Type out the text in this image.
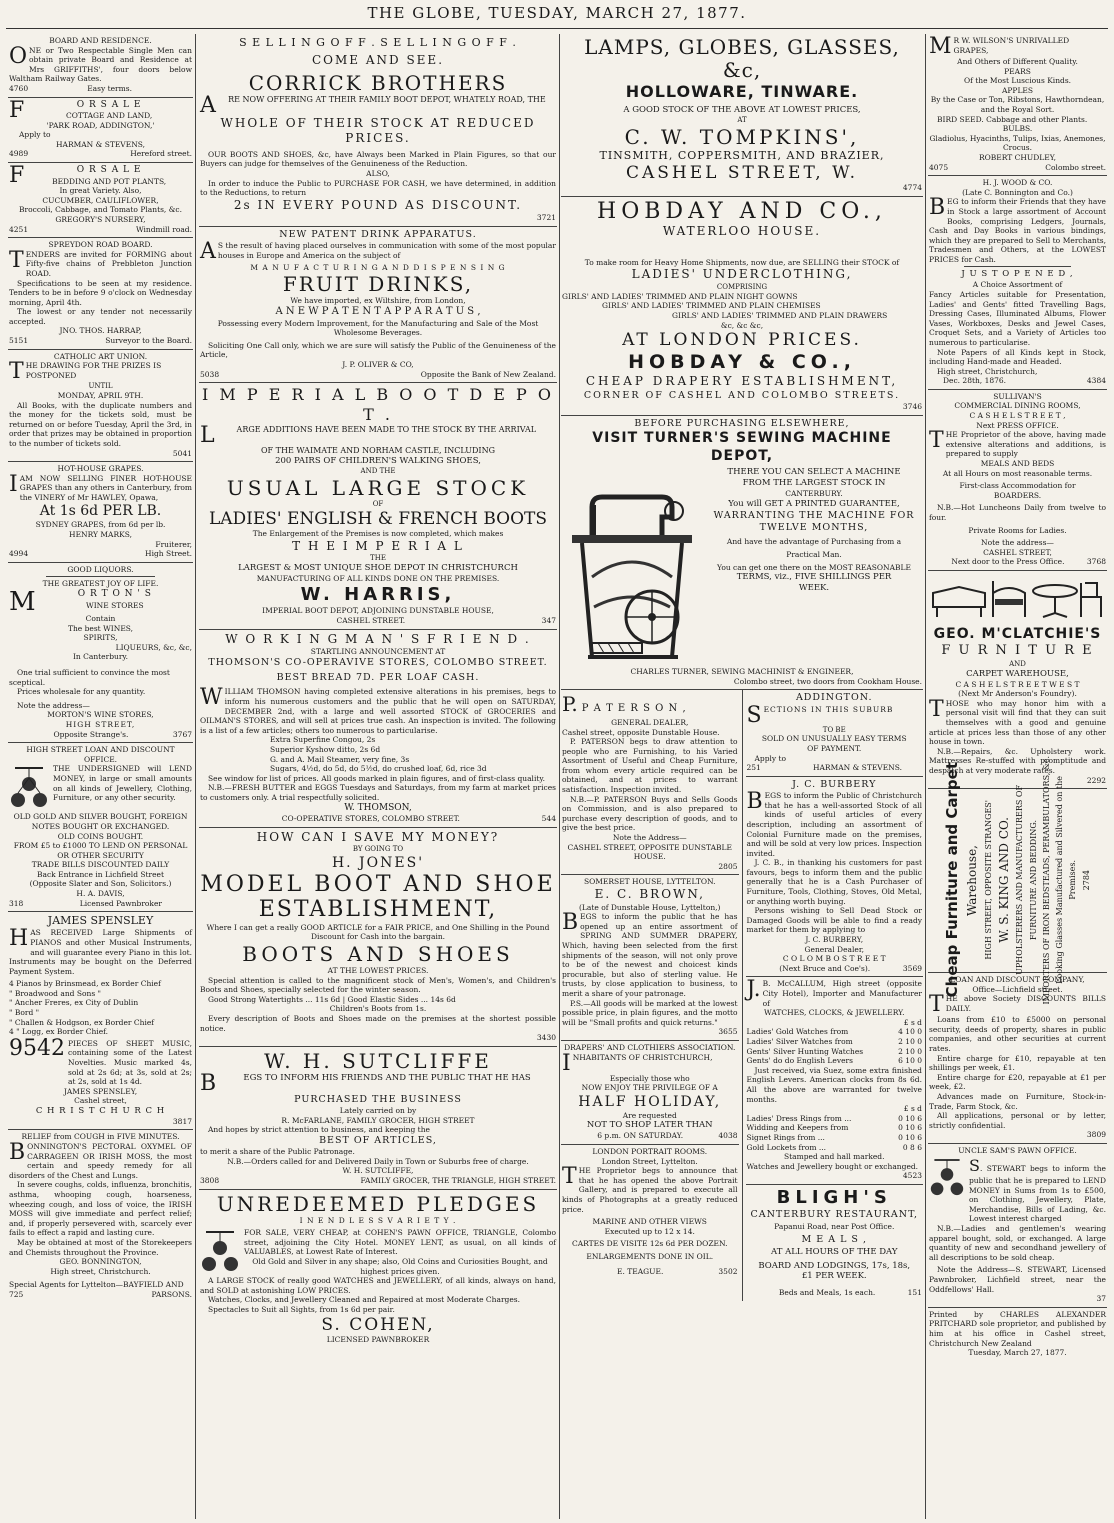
THE GLOBE, TUESDAY, MARCH 27, 1877.
BOARD AND RESIDENCE.
ONE or Two Respectable Single Men can obtain private Board and Residence at Mrs GRIFFITHS', four doors below Waltham Railway Gates.
4760	Easy terms.
F	O R S A L E
COTTAGE AND LAND,
'PARK ROAD, ADDINGTON,'
Apply to
HARMAN & STEVENS,
4989	Hereford street.
F	O R S A L E
BEDDING AND POT PLANTS,
In great Variety. Also,
CUCUMBER, CAULIFLOWER,
Broccoli, Cabbage, and Tomato Plants, &c.
GREGORY'S NURSERY,
4251	Windmill road.
SPREYDON ROAD BOARD.
TENDERS are invited for FORMING about Fifty-five chains of Prebbleton Junction ROAD.
Specifications to be seen at my residence. Tenders to be in before 9 o'clock on Wednesday morning, April 4th.
The lowest or any tender not necessarily accepted.
JNO. THOS. HARRAP,
5151	Surveyor to the Board.
CATHOLIC ART UNION.
THE DRAWING FOR THE PRIZES IS POSTPONED
UNTIL
MONDAY, APRIL 9TH.
All Books, with the duplicate numbers and the money for the tickets sold, must be returned on or before Tuesday, April the 3rd, in order that prizes may be obtained in proportion to the number of tickets sold.
5041
HOT-HOUSE GRAPES.
IAM NOW SELLING FINER HOT-HOUSE GRAPES than any others in Canterbury, from the VINERY of Mr HAWLEY, Opawa,
At 1s 6d PER LB.
SYDNEY GRAPES, from 6d per lb.
HENRY MARKS,
Fruiterer,
4994	High Street.
GOOD LIQUORS.
THE GREATEST JOY OF LIFE.
M	O R T O N ' S
WINE STORES
Contain
The best WINES,
SPIRITS,
LIQUEURS, &c, &c,
In Canterbury.
One trial sufficient to convince the most sceptical.
Prices wholesale for any quantity.
Note the address—
MORTON'S WINE STORES,
HIGH STREET,
Opposite Strange's.	3767
HIGH STREET LOAN AND DISCOUNT OFFICE.
THE UNDERSIGNED will LEND MONEY, in large or small amounts on all kinds of Jewellery, Clothing, Furniture, or any other security.
OLD GOLD AND SILVER BOUGHT, FOREIGN NOTES BOUGHT OR EXCHANGED.
OLD COINS BOUGHT.
FROM £5 to £1000 TO LEND ON PERSONAL OR OTHER SECURITY
TRADE BILLS DISCOUNTED DAILY
Back Entrance in Lichfield Street
(Opposite Slater and Son, Solicitors.)
H. A. DAVIS,
318	Licensed Pawnbroker
JAMES SPENSLEY
HAS RECEIVED Large Shipments of PIANOS and other Musical Instruments, and will guarantee every Piano in this lot. Instruments may be bought on the Deferred Payment System.
4 Pianos by Brinsmead, ex Border Chief
" Broadwood and Sons "
" Ancher Freres, ex City of Dublin
" Bord "
" Challen & Hodgson, ex Border Chief
4 " Logg, ex Border Chief.
9542 PIECES OF SHEET MUSIC, containing some of the Latest Novelties. Music marked 4s, sold at 2s 6d; at 3s, sold at 2s; at 2s, sold at 1s 4d.
JAMES SPENSLEY,
Cashel street,
C H R I S T C H U R C H
3817
RELIEF from COUGH in FIVE MINUTES.
BONNINGTON'S PECTORAL OXYMEL OF CARRAGEEN OR IRISH MOSS, the most certain and speedy remedy for all disorders of the Chest and Lungs.
In severe coughs, colds, influenza, bronchitis, asthma, whooping cough, hoarseness, wheezing cough, and loss of voice, the IRISH MOSS will give immediate and perfect relief; and, if properly persevered with, scarcely ever fails to effect a rapid and lasting cure.
May be obtained at most of the Storekeepers and Chemists throughout the Province.
GEO. BONNINGTON,
High street, Christchurch.
Special Agents for Lyttelton—BAYFIELD AND
725	PARSONS.
S E L L I N G O F F . S E L L I N G O F F .
COME AND SEE.
CORRICK BROTHERS
A	RE NOW OFFERING AT THEIR FAMILY BOOT DEPOT, WHATELY ROAD, THE
WHOLE OF THEIR STOCK AT REDUCED PRICES.
OUR BOOTS AND SHOES, &c, have Always been Marked in Plain Figures, so that our Buyers can judge for themselves of the Genuineness of the Reduction.
ALSO,
In order to induce the Public to PURCHASE FOR CASH, we have determined, in addition to the Reductions, to return
2s IN EVERY POUND AS DISCOUNT.
3721
NEW PATENT DRINK APPARATUS.
A S the result of having placed ourselves in communication with some of the most popular houses in Europe and America on the subject of
M A N U F A C T U R I N G A N D D I S P E N S I N G
FRUIT DRINKS,
We have imported, ex Wiltshire, from London,
A N E W P A T E N T A P P A R A T U S ,
Possessing every Modern Improvement, for the Manufacturing and Sale of the Most Wholesome Beverages.
Soliciting One Call only, which we are sure will satisfy the Public of the Genuineness of the Article,
J. P. OLIVER & CO,
5038	Opposite the Bank of New Zealand.
I M P E R I A L B O O T D E P O T .
L	ARGE ADDITIONS HAVE BEEN MADE TO THE STOCK BY THE ARRIVAL
OF THE WAIMATE AND NORHAM CASTLE, INCLUDING
200 PAIRS OF CHILDREN'S WALKING SHOES,
AND THE
USUAL LARGE STOCK
OF
LADIES' ENGLISH & FRENCH BOOTS
The Enlargement of the Premises is now completed, which makes
T H E I M P E R I A L
THE
LARGEST & MOST UNIQUE SHOE DEPOT IN CHRISTCHURCH
MANUFACTURING OF ALL KINDS DONE ON THE PREMISES.
W. HARRIS,
IMPERIAL BOOT DEPOT, ADJOINING DUNSTABLE HOUSE,
CASHEL STREET.	347
W O R K I N G M A N ' S F R I E N D .
STARTLING ANNOUNCEMENT AT
THOMSON'S CO-OPERAVIVE STORES, COLOMBO STREET.
BEST BREAD 7D. PER LOAF CASH.
WILLIAM THOMSON having completed extensive alterations in his premises, begs to inform his numerous customers and the public that he will open on SATURDAY, DECEMBER 2nd, with a large and well assorted STOCK of GROCERIES and OILMAN'S STORES, and will sell at prices true cash. An inspection is invited. The following is a list of a few articles; others too numerous to particularise.
Extra Superfine Congou, 2s
Superior Kyshow ditto, 2s 6d
G. and A. Mail Steamer, very fine, 3s
Sugars, 4½d, do 5d, do 5½d, do crushed loaf, 6d, rice 3d
See window for list of prices. All goods marked in plain figures, and of first-class quality.
N.B.—FRESH BUTTER and EGGS Tuesdays and Saturdays, from my farm at market prices to customers only. A trial respectfully solicited.
W. THOMSON,
CO-OPERATIVE STORES, COLOMBO STREET.	544
HOW CAN I SAVE MY MONEY?
BY GOING TO
H. JONES'
MODEL BOOT AND SHOE
ESTABLISHMENT,
Where I can get a really GOOD ARTICLE for a FAIR PRICE, and One Shilling in the Pound Discount for Cash into the bargain.
BOOTS AND SHOES
AT THE LOWEST PRICES.
Special attention is called to the magnificent stock of Men's, Women's, and Children's Boots and Shoes, specially selected for the winter season.
Good Strong Watertights ... 11s 6d | Good Elastic Sides ... 14s 6d
Children's Boots from 1s.
Every description of Boots and Shoes made on the premises at the shortest possible notice.
3430
W. H. SUTCLIFFE
B	EGS TO INFORM HIS FRIENDS AND THE PUBLIC THAT HE HAS
PURCHASED THE BUSINESS
Lately carried on by
R. McFARLANE, FAMILY GROCER, HIGH STREET
And hopes by strict attention to business, and keeping the
BEST OF ARTICLES,
to merit a share of the Public Patronage.
N.B.—Orders called for and Delivered Daily in Town or Suburbs free of charge.
W. H. SUTCLIFFE,
3808	FAMILY GROCER, THE TRIANGLE, HIGH STREET.
UNREDEEMED PLEDGES
I N E N D L E S S V A R I E T Y .
FOR SALE, VERY CHEAP, at COHEN'S PAWN OFFICE, TRIANGLE, Colombo street, adjoining the City Hotel. MONEY LENT, as usual, on all kinds of VALUABLES, at Lowest Rate of Interest.
Old Gold and Silver in any shape; also, Old Coins and Curiosities Bought, and highest prices given.
A LARGE STOCK of really good WATCHES and JEWELLERY, of all kinds, always on hand, and SOLD at astonishing LOW PRICES.
Watches, Clocks, and Jewellery Cleaned and Repaired at most Moderate Charges.
Spectacles to Suit all Sights, from 1s 6d per pair.
S. COHEN,
LICENSED PAWNBROKER
LAMPS, GLOBES, GLASSES, &c,
HOLLOWARE, TINWARE.
A GOOD STOCK OF THE ABOVE AT LOWEST PRICES,
AT
C. W. TOMPKINS',
TINSMITH, COPPERSMITH, AND BRAZIER,
CASHEL STREET, W.
4774
HOBDAY AND CO.,
WATERLOO HOUSE.
To make room for Heavy Home Shipments, now due, are SELLING their STOCK of
LADIES' UNDERCLOTHING,
COMPRISING
GIRLS' AND LADIES' TRIMMED AND PLAIN NIGHT GOWNS
GIRLS' AND LADIES' TRIMMED AND PLAIN CHEMISES
GIRLS' AND LADIES' TRIMMED AND PLAIN DRAWERS
&c, &c &c,
AT LONDON PRICES.
HOBDAY & CO.,
CHEAP DRAPERY ESTABLISHMENT,
CORNER OF CASHEL AND COLOMBO STREETS.
3746
BEFORE PURCHASING ELSEWHERE,
VISIT TURNER'S SEWING MACHINE DEPOT,
THERE YOU CAN SELECT A MACHINE
FROM THE LARGEST STOCK IN
CANTERBURY.
You will GET A PRINTED GUARANTEE,
WARRANTING THE MACHINE FOR
TWELVE MONTHS,
And have the advantage of Purchasing from a
Practical Man.
You can get one there on the MOST REASONABLE
TERMS, viz., FIVE SHILLINGS PER
WEEK.
CHARLES TURNER, SEWING MACHINIST & ENGINEER,
Colombo street, two doors from Cookham House.
P. P A T E R S O N ,
GENERAL DEALER,
Cashel street, opposite Dunstable House.
P. PATERSON begs to draw attention to people who are Furnishing, to his Varied Assortment of Useful and Cheap Furniture, from whom every article required can be obtained, and at prices to warrant satisfaction. Inspection invited.
N.B.—P. PATERSON Buys and Sells Goods on Commission, and is also prepared to purchase every description of goods, and to give the best price.
Note the Address—
CASHEL STREET, OPPOSITE DUNSTABLE HOUSE.
2805
SOMERSET HOUSE, LYTTELTON.
E. C. BROWN,
(Late of Dunstable House, Lyttelton,)
BEGS to inform the public that he has opened up an entire assortment of SPRING AND SUMMER DRAPERY, Which, having been selected from the first shipments of the season, will not only prove to be of the newest and choicest kinds procurable, but also of sterling value. He trusts, by close application to business, to merit a share of your patronage.
P.S.—All goods will be marked at the lowest possible price, in plain figures, and the motto will be "Small profits and quick returns."
3655
DRAPERS' AND CLOTHIERS ASSOCIATION.
INHABITANTS OF CHRISTCHURCH,
Especially those who
NOW ENJOY THE PRIVILEGE OF A
HALF HOLIDAY,
Are requested
NOT TO SHOP LATER THAN
6 p.m. ON SATURDAY.	4038
LONDON PORTRAIT ROOMS.
London Street, Lyttelton.
THE Proprietor begs to announce that that he has opened the above Portrait Gallery, and is prepared to execute all kinds of Photographs at a greatly reduced price.
MARINE AND OTHER VIEWS
Executed up to 12 x 14.
CARTES DE VISITE 12s 6d PER DOZEN.
ENLARGEMENTS DONE IN OIL.
E. TEAGUE.	3502
ADDINGTON.
SECTIONS IN THIS SUBURB
TO BE
SOLD ON UNUSUALLY EASY TERMS
OF PAYMENT.
Apply to
251	HARMAN & STEVENS.
J. C. BURBERY
BEGS to inform the Public of Christchurch that he has a well-assorted Stock of all kinds of useful articles of every description, including an assortment of Colonial Furniture made on the premises, and will be sold at very low prices. Inspection invited.
J. C. B., in thanking his customers for past favours, begs to inform them and the public generally that he is a Cash Purchaser of Furniture, Tools, Clothing, Stoves, Old Metal, or anything worth buying.
Persons wishing to Sell Dead Stock or Damaged Goods will be able to find a ready market for them by applying to
J. C. BURBERY,
General Dealer,
C O L O M B O S T R E E T
(Next Bruce and Coe's).	3569
J. B. McCALLUM, High street (opposite City Hotel), Importer and Manufacturer of
WATCHES, CLOCKS, & JEWELLERY.
£ s d
Ladies' Gold Watches from	4 10 0
Ladies' Silver Watches from	2 10 0
Gents' Silver Hunting Watches	2 10 0
Gents' do do English Levers	6 10 0
Just received, via Suez, some extra finished English Levers. American clocks from 8s 6d. All the above are warranted for twelve months.
£ s d
Ladies' Dress Rings from ...	0 10 6
Widding and Keepers from	0 10 6
Signet Rings from ...	0 10 6
Gold Lockets from ...	0 8 6
Stamped and hall marked.
Watches and Jewellery bought or exchanged.
4523
BLIGH'S
CANTERBURY RESTAURANT,
Papanui Road, near Post Office.
M E A L S ,
AT ALL HOURS OF THE DAY
BOARD AND LODGINGS, 17s, 18s,
£1 PER WEEK.
Beds and Meals, 1s each.	151
M R W. WILSON'S UNRIVALLED GRAPES,
And Others of Different Quality.
PEARS
Of the Most Luscious Kinds.
APPLES
By the Case or Ton, Ribstons, Hawthorndean, and the Royal Sort.
BIRD SEED. Cabbage and other Plants.
BULBS.
Gladiolus, Hyacinths, Tulips, Ixias, Anemones, Crocus.
ROBERT CHUDLEY,
4075	Colombo street.
H. J. WOOD & CO.
(Late C. Bonnington and Co.)
BEG to inform their Friends that they have in Stock a large assortment of Account Books, comprising Ledgers, Journals, Cash and Day Books in various bindings, which they are prepared to Sell to Merchants, Tradesmen and Others, at the LOWEST PRICES for Cash.
J U S T O P E N E D ,
A Choice Assortment of
Fancy Articles suitable for Presentation, Ladies' and Gents' fitted Travelling Bags, Dressing Cases, Illuminated Albums, Flower Vases, Workboxes, Desks and Jewel Cases, Croquet Sets, and a Variety of Articles too numerous to particularise.
Note Papers of all Kinds kept in Stock, including Hand-made and Headed.
High street, Christchurch,
Dec. 28th, 1876.	4384
SULLIVAN'S
COMMERCIAL DINING ROOMS,
C A S H E L S T R E E T ,
Next PRESS OFFICE.
THE Proprietor of the above, having made extensive alterations and additions, is prepared to supply
MEALS AND BEDS
At all Hours on most reasonable terms.
First-class Accommodation for
BOARDERS.
N.B.—Hot Luncheons Daily from twelve to four.
Private Rooms for Ladies.
Note the address—
CASHEL STREET,
Next door to the Press Office.	3768
GEO. M'CLATCHIE'S
F U R N I T U R E
AND
CARPET WAREHOUSE,
C A S H E L S T R E E T W E S T
(Next Mr Anderson's Foundry).
THOSE who may honor him with a personal visit will find that they can suit themselves with a good and genuine article at prices less than those of any other house in town.
N.B.—Repairs, &c. Upholstery work. Mattresses Re-stuffed with promptitude and despatch at very moderate rates.
2292
Cheap Furniture and Carpet Warehouse, HIGH STREET, OPPOSITE STRANGES' W. S. KING AND CO. UPHOLSTERERS AND MANUFACTURERS OF FURNITURE AND BEDDING. IMPORTERS OF IRON BEDSTEADS, PERAMBULATORS, &c. Looking Glasses Manufactured and Silvered on the Premises. 2784
LOAN AND DISCOUNT COMPANY,
Office—Lichfield street.
THE above Society DISCOUNTS BILLS DAILY.
Loans from £10 to £5000 on personal security, deeds of property, shares in public companies, and other securities at current rates.
Entire charge for £10, repayable at ten shillings per week, £1.
Entire charge for £20, repayable at £1 per week, £2.
Advances made on Furniture, Stock-in-Trade, Farm Stock, &c.
All applications, personal or by letter, strictly confidential.
3809
UNCLE SAM'S PAWN OFFICE.
S. STEWART begs to inform the public that he is prepared to LEND MONEY in Sums from 1s to £500, on Clothing, Jewellery, Plate, Merchandise, Bills of Lading, &c. Lowest interest charged
N.B.—Ladies and gentlemen's wearing apparel bought, sold, or exchanged. A large quantity of new and secondhand jewellery of all descriptions to be sold cheap.
Note the Address—S. STEWART, Licensed Pawnbroker, Lichfield street, near the Oddfellows' Hall.
37
Printed by CHARLES ALEXANDER PRITCHARD sole proprietor, and published by him at his office in Cashel street, Christchurch New Zealand
Tuesday, March 27, 1877.
